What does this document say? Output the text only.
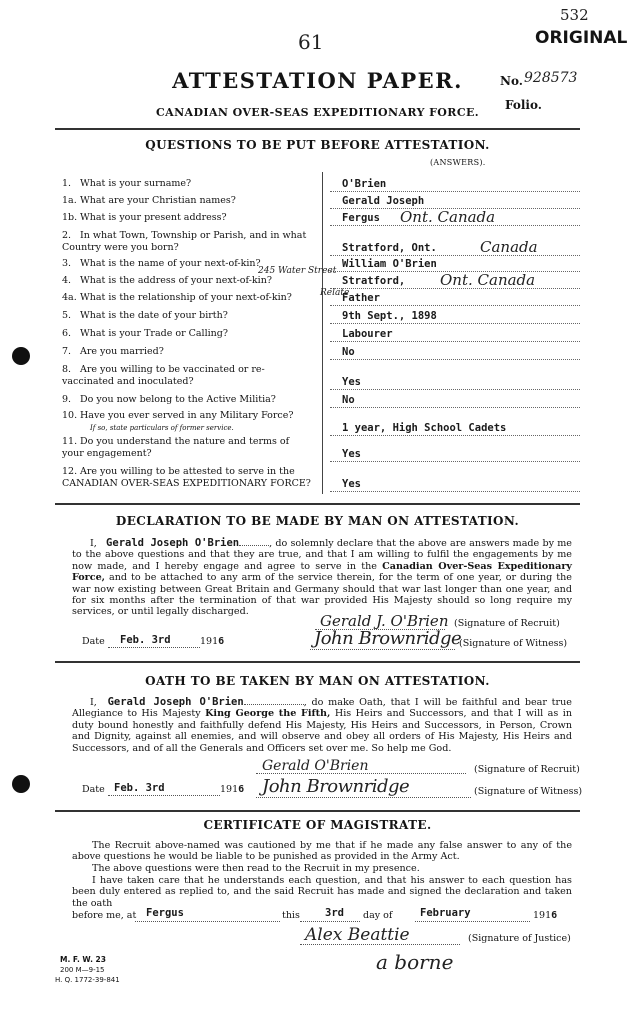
532
ORIGINAL
61
ATTESTATION PAPER.
CANADIAN OVER-SEAS EXPEDITIONARY FORCE.
No. 928573
Folio.
QUESTIONS TO BE PUT BEFORE ATTESTATION.
(ANSWERS).
1. What is your surname?	O'Brien
1a. What are your Christian names?	Gerald Joseph
1b. What is your present address?	Fergus Ont. Canada
2. In what Town, Township or Parish, and in what Country were you born?	Stratford, Ont.	Canada
3. What is the name of your next-of-kin?	William O'Brien
4. What is the address of your next-of-kin?	Stratford, Ont. Canada
245 Water Street
4a. What is the relationship of your next-of-kin?	Father
Relate
5. What is the date of your birth?	9th Sept., 1898
6. What is your Trade or Calling?	Labourer
7. Are you married?	No
8. Are you willing to be vaccinated or re-vaccinated and inoculated?	Yes
9. Do you now belong to the Active Militia?	No
10. Have you ever served in any Military Force?
If so, state particulars of former service.	1 year, High School Cadets
11. Do you understand the nature and terms of your engagement?	Yes
12. Are you willing to be attested to serve in the CANADIAN OVER-SEAS EXPEDITIONARY FORCE?	Yes
DECLARATION TO BE MADE BY MAN ON ATTESTATION.
I, Gerald Joseph O'Brien	, do solemnly declare that the above are answers made by me to the above questions and that they are true, and that I am willing to fulfil the engagements by me now made, and I hereby engage and agree to serve in the Canadian Over-Seas Expeditionary Force, and to be attached to any arm of the service therein, for the term of one year, or during the war now existing between Great Britain and Germany should that war last longer than one year, and for six months after the termination of that war provided His Majesty should so long require my services, or until legally discharged.
Gerald J. O'Brien (Signature of Recruit)
Date Feb. 3rd	1916	John Brownridge
(Signature of Witness)
OATH TO BE TAKEN BY MAN ON ATTESTATION.
I, Gerald Joseph O'Brien	, do make Oath, that I will be faithful and bear true Allegiance to His Majesty King George the Fifth, His Heirs and Successors, and that I will as in duty bound honestly and faithfully defend His Majesty, His Heirs and Successors, in Person, Crown and Dignity, against all enemies, and will observe and obey all orders of His Majesty, His Heirs and Successors, and of all the Generals and Officers set over me. So help me God.
Gerald O'Brien	(Signature of Recruit)
Date Feb. 3rd	1916 John Brownridge	(Signature of Witness)
CERTIFICATE OF MAGISTRATE.
The Recruit above-named was cautioned by me that if he made any false answer to any of the above questions he would be liable to be punished as provided in the Army Act.
The above questions were then read to the Recruit in my presence.
I have taken care that he understands each question, and that his answer to each question has been duly entered as replied to, and the said Recruit has made and signed the declaration and taken the oath
before me, at Fergus	this 3rd day of	February	1916
Alex Beattie	(Signature of Justice)
a borne
M. F. W. 23
200 M—9-15
H. Q. 1772-39-841
